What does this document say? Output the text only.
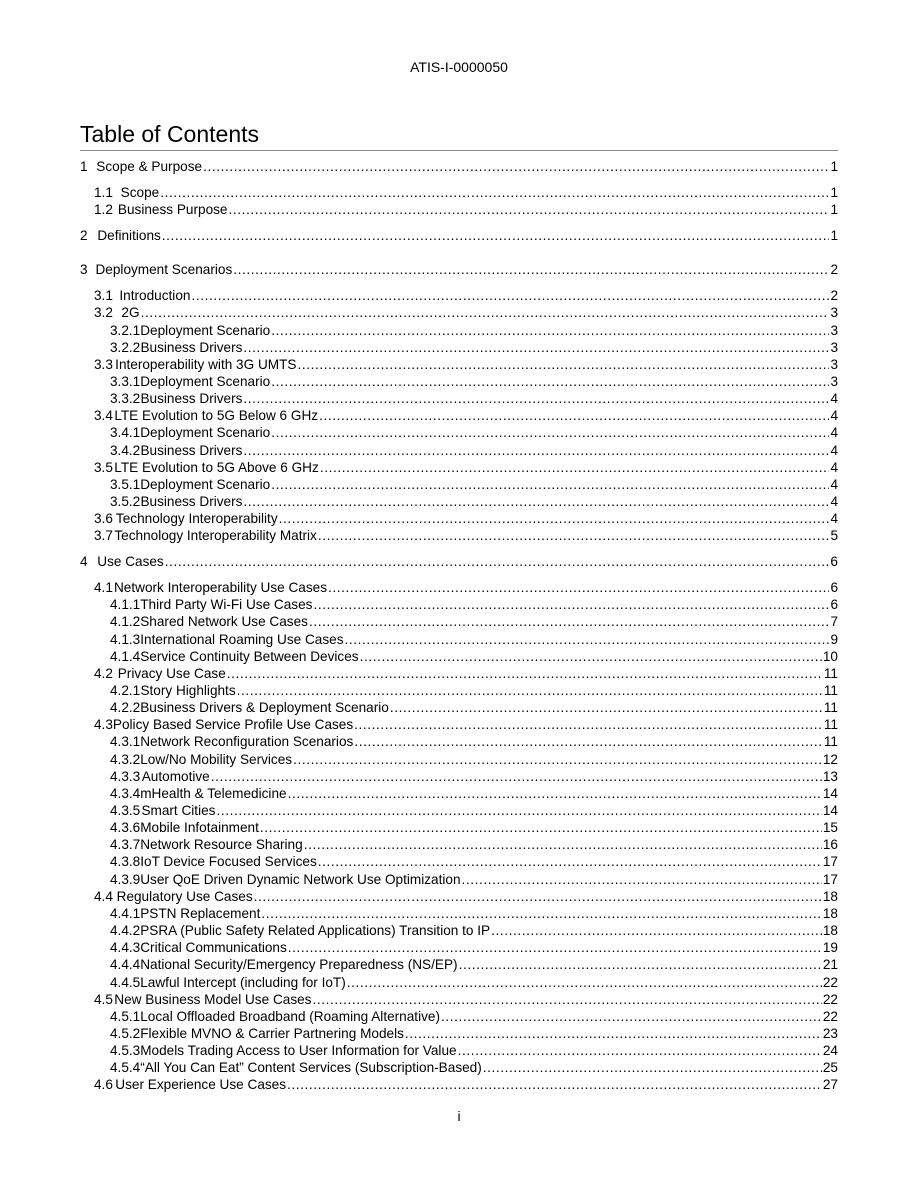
ATIS-I-0000050
Table of Contents
1 Scope & Purpose .....	1
1.1 Scope .....	1
1.2 Business Purpose .....	1
2 Definitions .....	1
3 Deployment Scenarios .....	2
3.1 Introduction .....	2
3.2 2G .....	3
3.2.1 Deployment Scenario .....	3
3.2.2 Business Drivers .....	3
3.3 Interoperability with 3G UMTS .....	3
3.3.1 Deployment Scenario .....	3
3.3.2 Business Drivers .....	4
3.4 LTE Evolution to 5G Below 6 GHz .....	4
3.4.1 Deployment Scenario .....	4
3.4.2 Business Drivers .....	4
3.5 LTE Evolution to 5G Above 6 GHz .....	4
3.5.1 Deployment Scenario .....	4
3.5.2 Business Drivers .....	4
3.6 Technology Interoperability .....	4
3.7 Technology Interoperability Matrix .....	5
4 Use Cases .....	6
4.1 Network Interoperability Use Cases .....	6
4.1.1 Third Party Wi-Fi Use Cases .....	6
4.1.2 Shared Network Use Cases .....	7
4.1.3 International Roaming Use Cases .....	9
4.1.4 Service Continuity Between Devices .....	10
4.2 Privacy Use Case .....	11
4.2.1 Story Highlights .....	11
4.2.2 Business Drivers & Deployment Scenario .....	11
4.3 Policy Based Service Profile Use Cases .....	11
4.3.1 Network Reconfiguration Scenarios .....	11
4.3.2 Low/No Mobility Services .....	12
4.3.3 Automotive .....	13
4.3.4 mHealth & Telemedicine .....	14
4.3.5 Smart Cities .....	14
4.3.6 Mobile Infotainment .....	15
4.3.7 Network Resource Sharing .....	16
4.3.8 IoT Device Focused Services .....	17
4.3.9 User QoE Driven Dynamic Network Use Optimization .....	17
4.4 Regulatory Use Cases .....	18
4.4.1 PSTN Replacement .....	18
4.4.2 PSRA (Public Safety Related Applications) Transition to IP .....	18
4.4.3 Critical Communications .....	19
4.4.4 National Security/Emergency Preparedness (NS/EP) .....	21
4.4.5 Lawful Intercept (including for IoT) .....	22
4.5 New Business Model Use Cases .....	22
4.5.1 Local Offloaded Broadband (Roaming Alternative) .....	22
4.5.2 Flexible MVNO & Carrier Partnering Models .....	23
4.5.3 Models Trading Access to User Information for Value .....	24
4.5.4 “All You Can Eat” Content Services (Subscription-Based) .....	25
4.6 User Experience Use Cases .....	27
i
